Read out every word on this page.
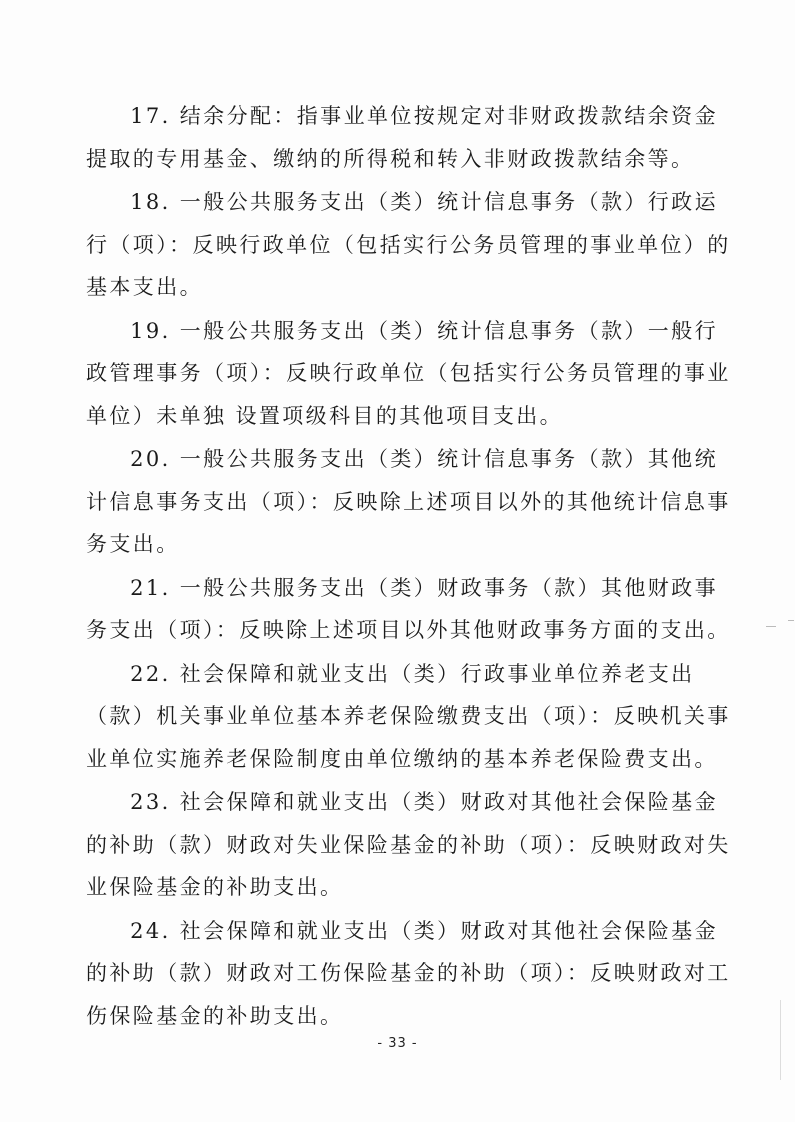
17. 结余分配：指事业单位按规定对非财政拨款结余资金提取的专用基金、缴纳的所得税和转入非财政拨款结余等。

18. 一般公共服务支出（类）统计信息事务（款）行政运行（项）：反映行政单位（包括实行公务员管理的事业单位）的基本支出。

19. 一般公共服务支出（类）统计信息事务（款）一般行政管理事务（项）：反映行政单位（包括实行公务员管理的事业单位）未单独 设置项级科目的其他项目支出。

20. 一般公共服务支出（类）统计信息事务（款）其他统计信息事务支出（项）：反映除上述项目以外的其他统计信息事务支出。

21. 一般公共服务支出（类）财政事务（款）其他财政事务支出（项）：反映除上述项目以外其他财政事务方面的支出。

22. 社会保障和就业支出（类）行政事业单位养老支出（款）机关事业单位基本养老保险缴费支出（项）：反映机关事业单位实施养老保险制度由单位缴纳的基本养老保险费支出。

23. 社会保障和就业支出（类）财政对其他社会保险基金的补助（款）财政对失业保险基金的补助（项）：反映财政对失业保险基金的补助支出。

24. 社会保障和就业支出（类）财政对其他社会保险基金的补助（款）财政对工伤保险基金的补助（项）：反映财政对工伤保险基金的补助支出。

- 33 -
